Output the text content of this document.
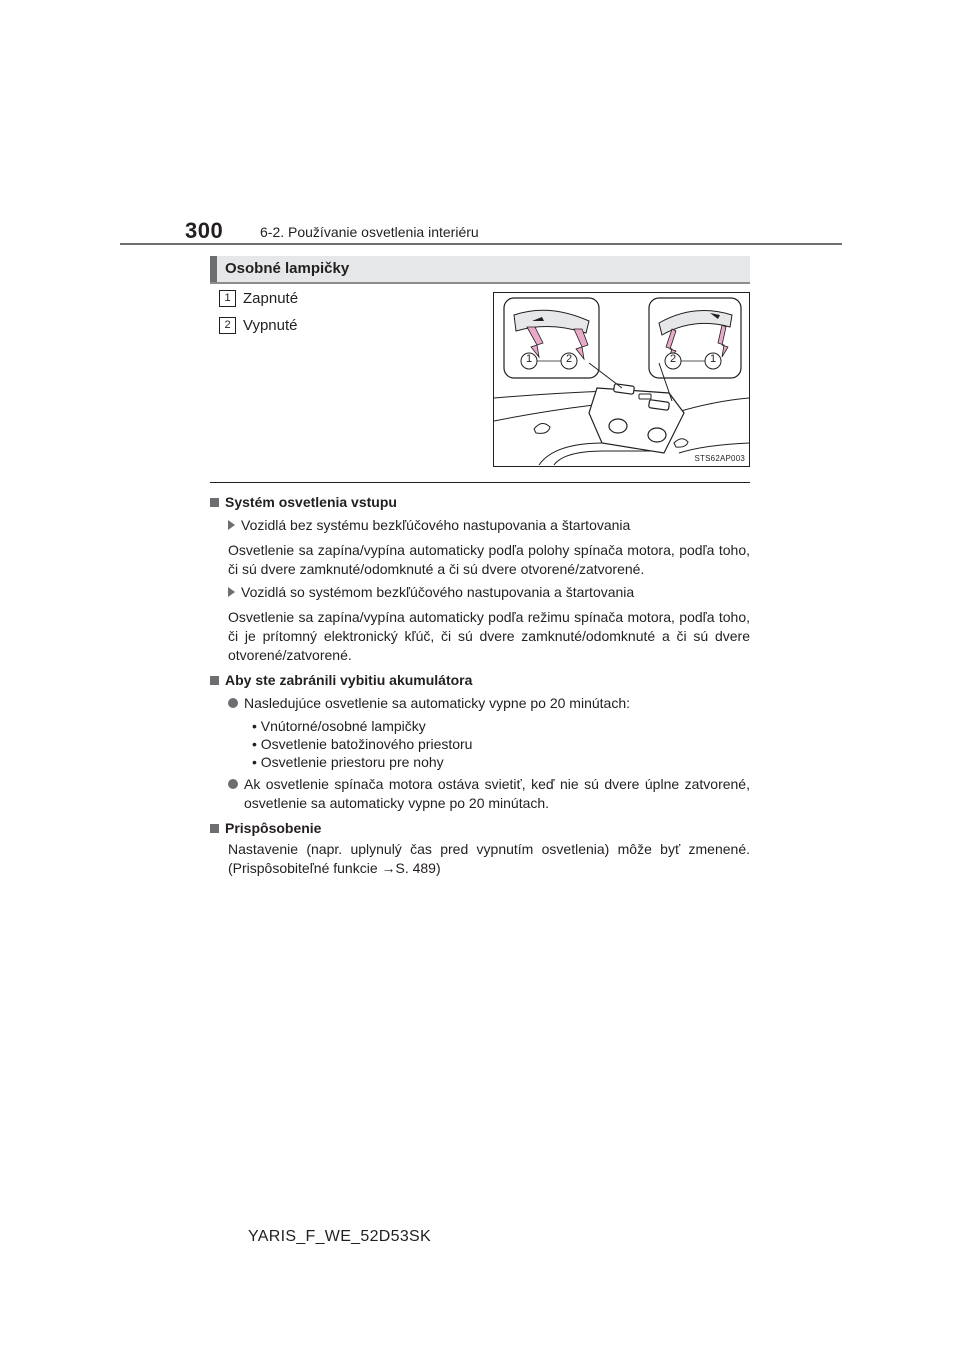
300	6-2. Používanie osvetlenia interiéru
Osobné lampičky
1 Zapnuté
2 Vypnuté
1	2	2	1
STS62AP003
Systém osvetlenia vstupu
Vozidlá bez systému bezkľúčového nastupovania a štartovania
Osvetlenie sa zapína/vypína automaticky podľa polohy spínača motora, podľa toho, či sú dvere zamknuté/odomknuté a či sú dvere otvorené/zatvorené.
Vozidlá so systémom bezkľúčového nastupovania a štartovania
Osvetlenie sa zapína/vypína automaticky podľa režimu spínača motora, podľa toho, či je prítomný elektronický kľúč, či sú dvere zamknuté/odomknuté a či sú dvere otvorené/zatvorené.
Aby ste zabránili vybitiu akumulátora
Nasledujúce osvetlenie sa automaticky vypne po 20 minútach:
• Vnútorné/osobné lampičky
• Osvetlenie batožinového priestoru
• Osvetlenie priestoru pre nohy
Ak osvetlenie spínača motora ostáva svietiť, keď nie sú dvere úplne zatvorené, osvetlenie sa automaticky vypne po 20 minútach.
Prispôsobenie
Nastavenie (napr. uplynulý čas pred vypnutím osvetlenia) môže byť zmenené. (Prispôsobiteľné funkcie →S. 489)
YARIS_F_WE_52D53SK
